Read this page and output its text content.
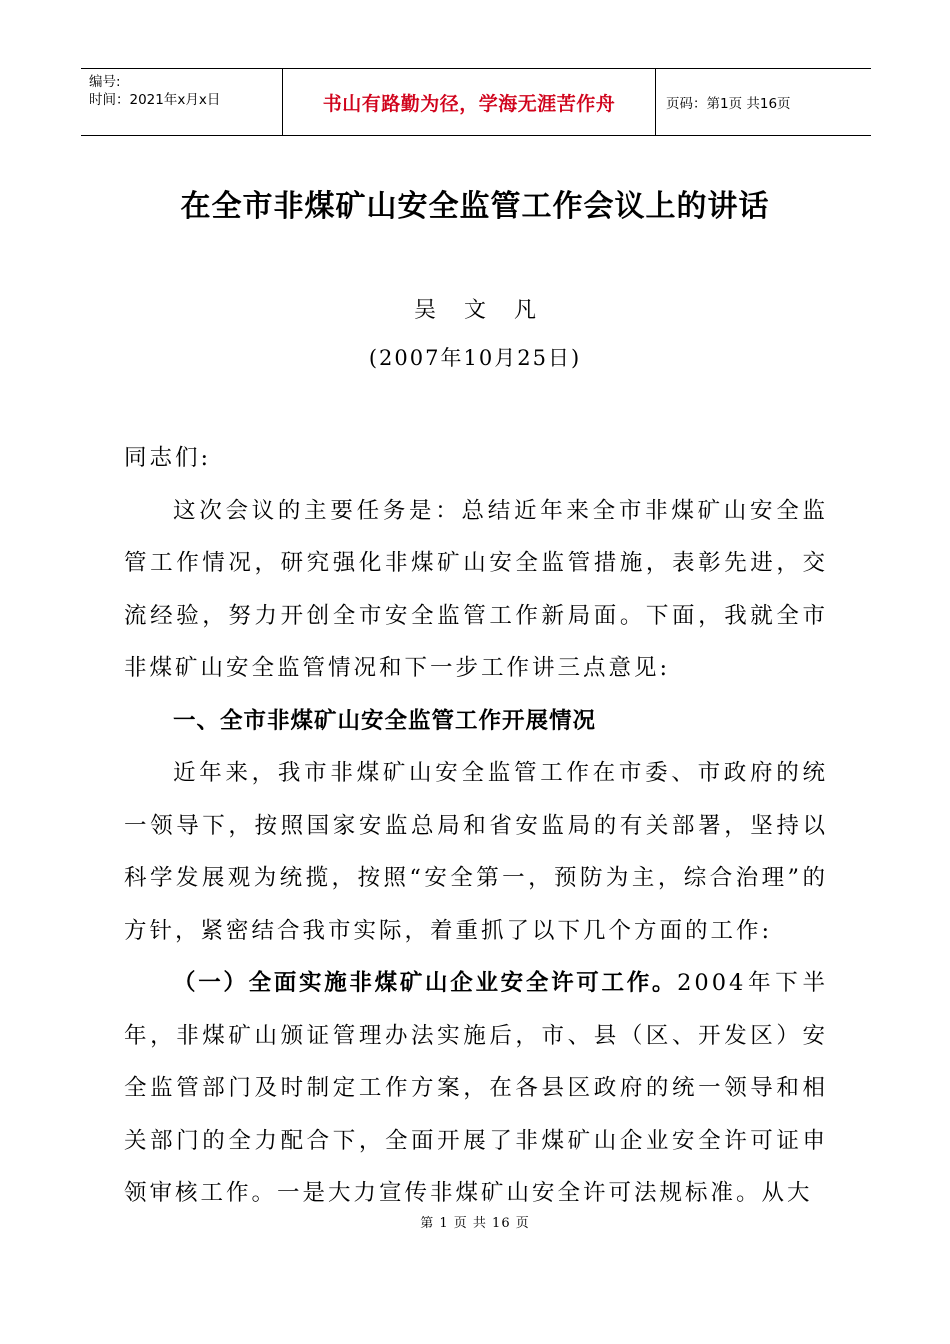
编号:
时间：2021年x月x日	书山有路勤为径，学海无涯苦作舟	页码：第1页 共16页
在全市非煤矿山安全监管工作会议上的讲话
吴文凡
(2007年10月25日)

同志们:

这次会议的主要任务是：总结近年来全市非煤矿山安全监管工作情况，研究强化非煤矿山安全监管措施，表彰先进，交流经验，努力开创全市安全监管工作新局面。下面，我就全市非煤矿山安全监管情况和下一步工作讲三点意见:

一、全市非煤矿山安全监管工作开展情况

近年来，我市非煤矿山安全监管工作在市委、市政府的统一领导下，按照国家安监总局和省安监局的有关部署，坚持以科学发展观为统揽，按照“安全第一，预防为主，综合治理”的方针，紧密结合我市实际，着重抓了以下几个方面的工作:

（一）全面实施非煤矿山企业安全许可工作。2004年下半年，非煤矿山颁证管理办法实施后，市、县（区、开发区）安全监管部门及时制定工作方案，在各县区政府的统一领导和相关部门的全力配合下，全面开展了非煤矿山企业安全许可证申领审核工作。一是大力宣传非煤矿山安全许可法规标准。从大

第 1 页 共 16 页
